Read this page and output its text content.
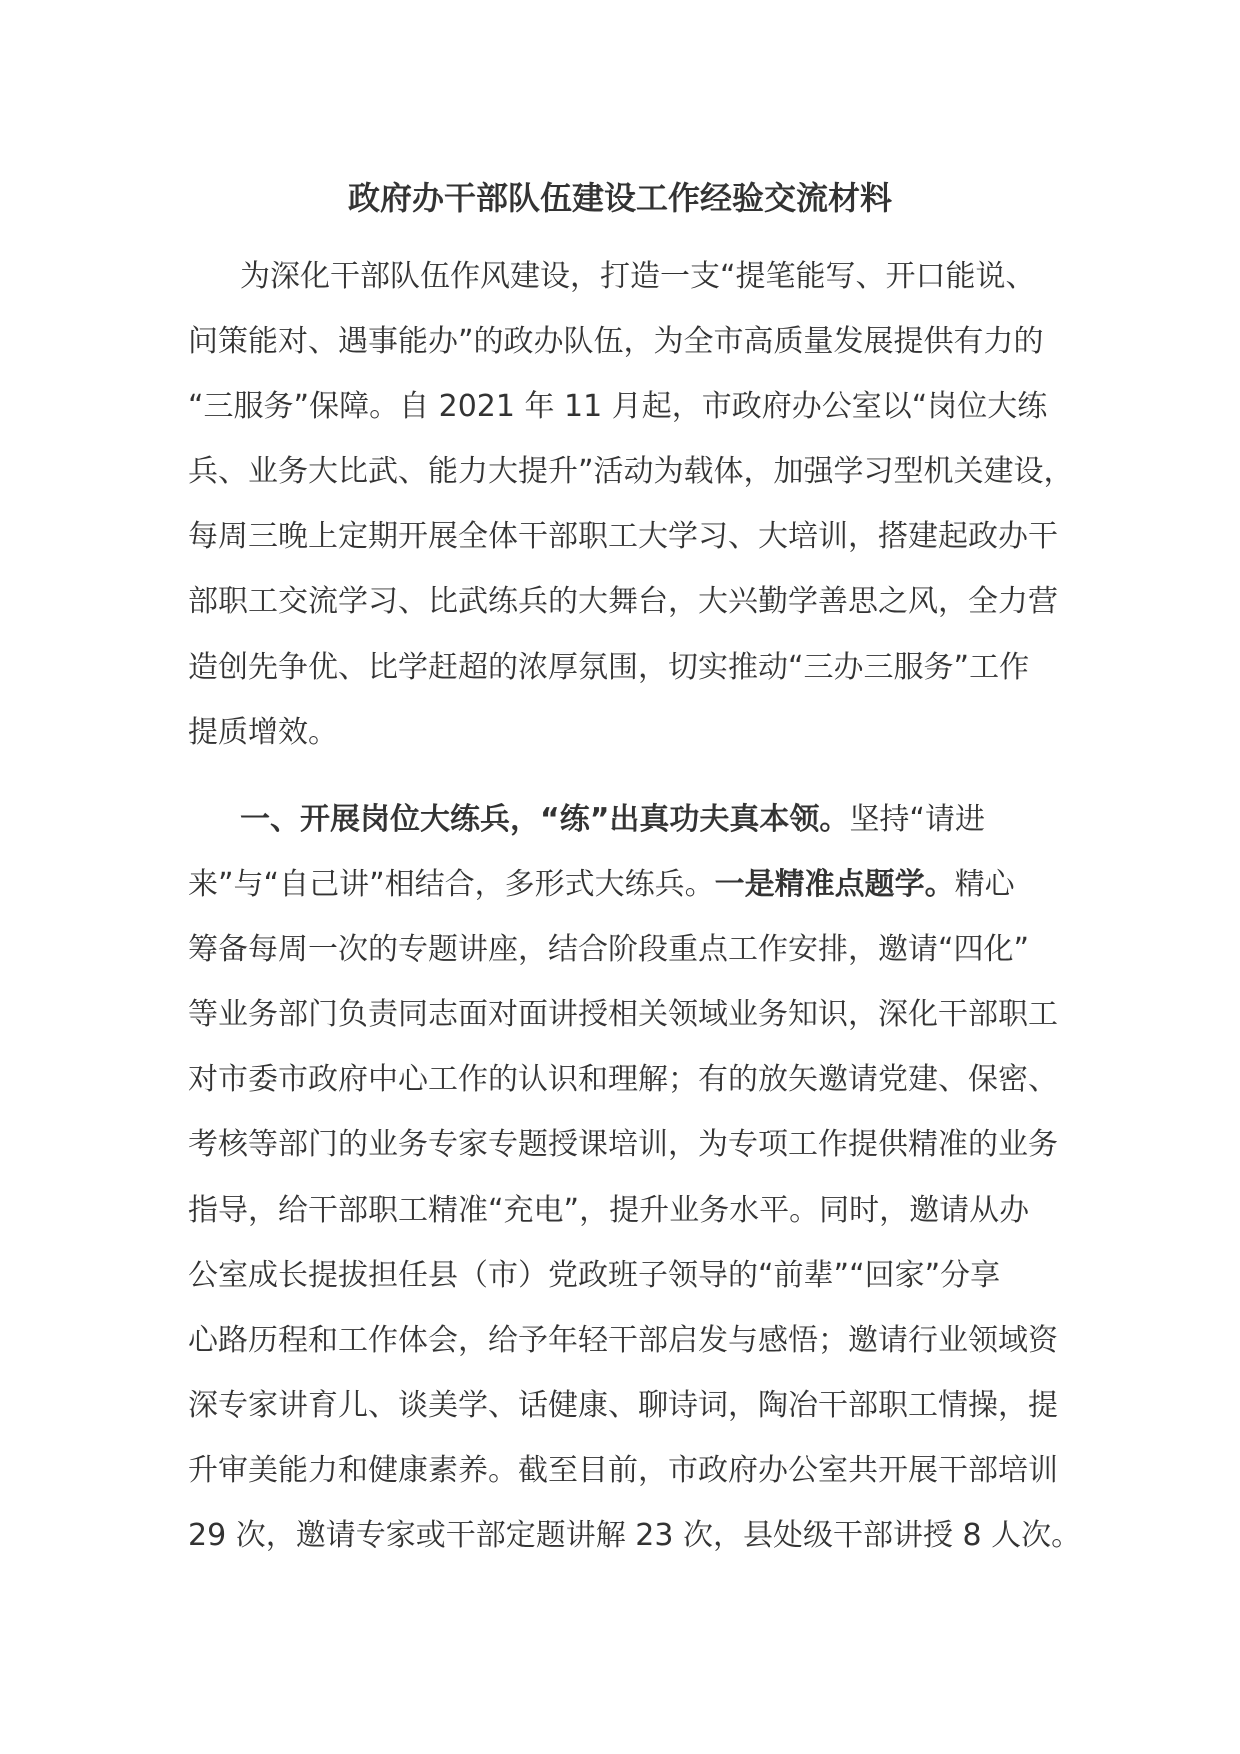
政府办干部队伍建设工作经验交流材料
为深化干部队伍作风建设，打造一支“提笔能写、开口能说、
问策能对、遇事能办”的政办队伍，为全市高质量发展提供有力的
“三服务”保障。自 2021 年 11 月起，市政府办公室以“岗位大练
兵、业务大比武、能力大提升”活动为载体，加强学习型机关建设，
每周三晚上定期开展全体干部职工大学习、大培训，搭建起政办干
部职工交流学习、比武练兵的大舞台，大兴勤学善思之风，全力营
造创先争优、比学赶超的浓厚氛围，切实推动“三办三服务”工作
提质增效。
一、开展岗位大练兵，“练”出真功夫真本领。坚持“请进
来”与“自己讲”相结合，多形式大练兵。一是精准点题学。精心
筹备每周一次的专题讲座，结合阶段重点工作安排，邀请“四化”
等业务部门负责同志面对面讲授相关领域业务知识，深化干部职工
对市委市政府中心工作的认识和理解；有的放矢邀请党建、保密、
考核等部门的业务专家专题授课培训，为专项工作提供精准的业务
指导，给干部职工精准“充电”，提升业务水平。同时，邀请从办
公室成长提拔担任县（市）党政班子领导的“前辈”“回家”分享
心路历程和工作体会，给予年轻干部启发与感悟；邀请行业领域资
深专家讲育儿、谈美学、话健康、聊诗词，陶冶干部职工情操，提
升审美能力和健康素养。截至目前，市政府办公室共开展干部培训
29 次，邀请专家或干部定题讲解 23 次，县处级干部讲授 8 人次。
